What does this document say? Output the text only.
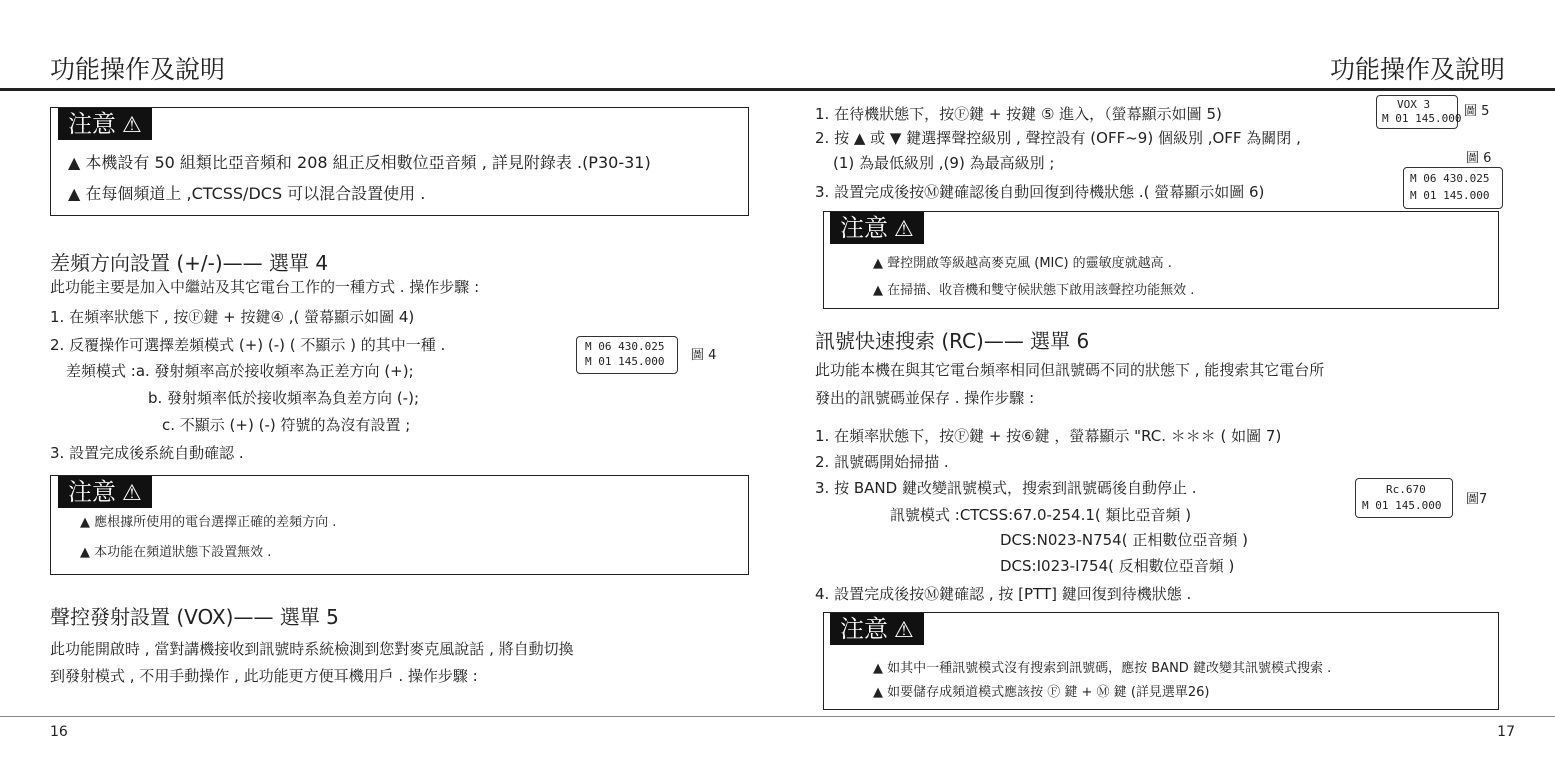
功能操作及說明	功能操作及說明
注意 ⚠
▲ 本機設有 50 組類比亞音頻和 208 組正反相數位亞音頻 , 詳見附錄表 .(P30-31)
▲ 在每個頻道上 ,CTCSS/DCS 可以混合設置使用 .
差頻方向設置 (+/-)—— 選單 4
此功能主要是加入中繼站及其它電台工作的一種方式 . 操作步驟 :
1. 在頻率狀態下 , 按Ⓕ鍵 + 按鍵④ ,( 螢幕顯示如圖 4)
2. 反覆操作可選擇差頻模式 (+) (-) ( 不顯示 ) 的其中一種 .
差頻模式 :a. 發射頻率高於接收頻率為正差方向 (+);
b. 發射頻率低於接收頻率為負差方向 (-);
c. 不顯示 (+) (-) 符號的為沒有設置 ;
3. 設置完成後系統自動確認 .
M 06 430.025
M 01 145.000 圖 4
注意 ⚠
▲ 應根據所使用的電台選擇正確的差頻方向 .
▲ 本功能在頻道狀態下設置無效 .
聲控發射設置 (VOX)—— 選單 5
此功能開啟時 , 當對講機接收到訊號時系統檢測到您對麥克風說話 , 將自動切換
到發射模式 , 不用手動操作 , 此功能更方便耳機用戶 . 操作步驟 :
1. 在待機狀態下，按Ⓕ鍵 + 按鍵 ⑤ 進入，（螢幕顯示如圖 5)
VOX 3
M 01 145.000 圖 5
2. 按 ▲ 或 ▼ 鍵選擇聲控級別 , 聲控設有 (OFF~9) 個級別 ,OFF 為關閉 ,
(1) 為最低級別 ,(9) 為最高級別 ;	圖 6
3. 設置完成後按Ⓜ鍵確認後自動回復到待機狀態 .( 螢幕顯示如圖 6)
M 06 430.025
M 01 145.000
注意 ⚠
▲ 聲控開啟等級越高麥克風 (MIC) 的靈敏度就越高 .
▲ 在掃描、收音機和雙守候狀態下啟用該聲控功能無效 .
訊號快速搜索 (RC)—— 選單 6
此功能本機在與其它電台頻率相同但訊號碼不同的狀態下 , 能搜索其它電台所
發出的訊號碼並保存 . 操作步驟 :
1. 在頻率狀態下，按Ⓕ鍵 + 按⑥鍵 ，螢幕顯示 "RC. ＊＊＊ ( 如圖 7)
2. 訊號碼開始掃描 .
3. 按 BAND 鍵改變訊號模式，搜索到訊號碼後自動停止 .
訊號模式 :CTCSS:67.0-254.1( 類比亞音頻 )
DCS:N023-N754( 正相數位亞音頻 )
DCS:I023-I754( 反相數位亞音頻 )
4. 設置完成後按Ⓜ鍵確認 , 按 [PTT] 鍵回復到待機狀態 .
Rc.670
M 01 145.000 圖7
注意 ⚠
▲ 如其中一種訊號模式沒有搜索到訊號碼，應按 BAND 鍵改變其訊號模式搜索 .
▲ 如要儲存成頻道模式應該按 Ⓕ 鍵 + Ⓜ 鍵 (詳見選單26)
16	17
